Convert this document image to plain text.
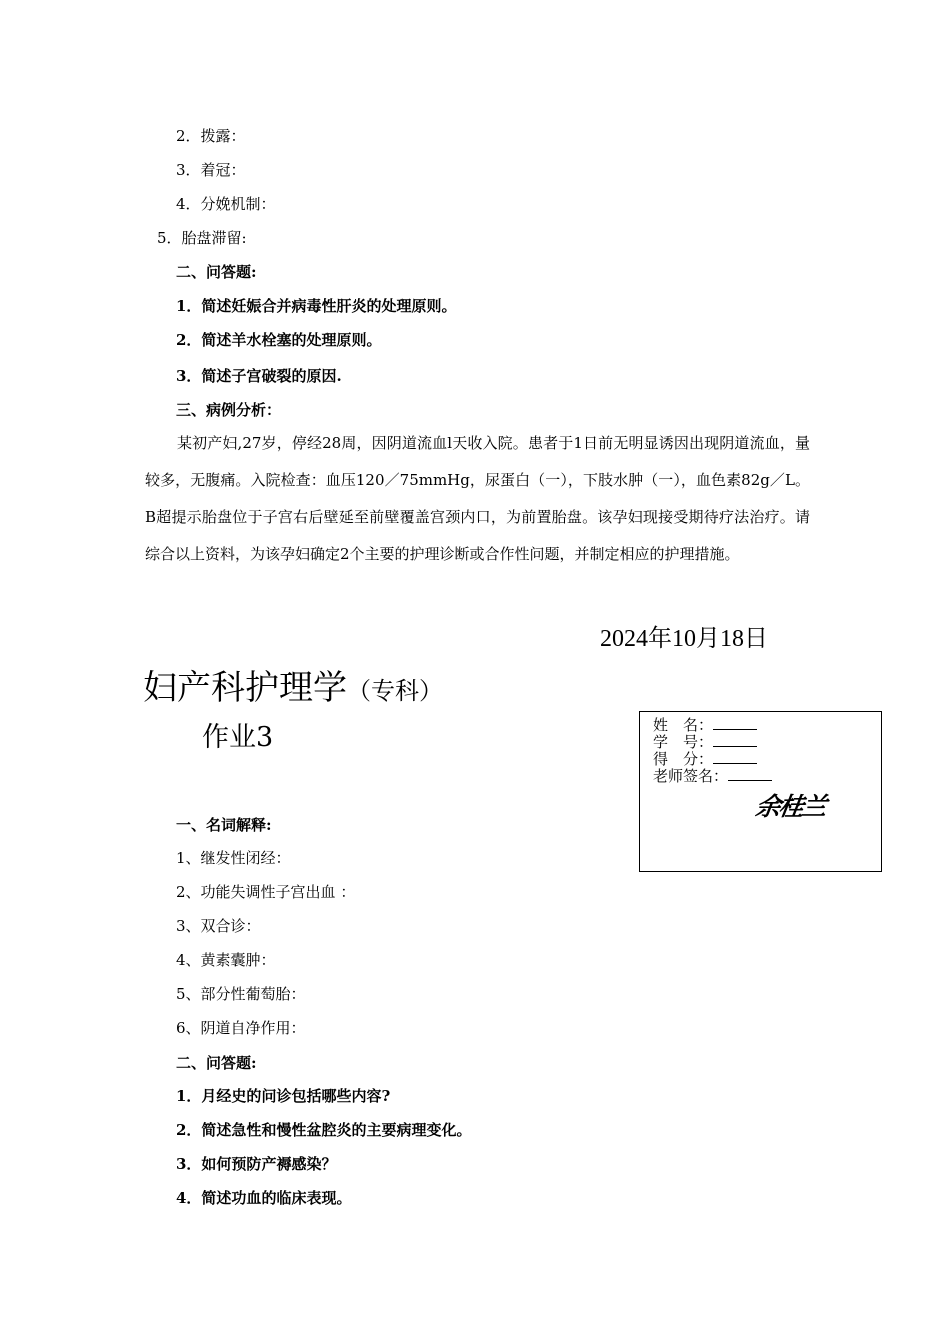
2．拨露：
3．着冠：
4．分娩机制：
5．胎盘滞留:
二、问答题:
1．简述妊娠合并病毒性肝炎的处理原则。
2．简述羊水栓塞的处理原则。
3．简述子宫破裂的原因.
三、病例分析：
某初产妇,27岁，停经28周，因阴道流血l天收入院。患者于1日前无明显诱因出现阴道流血，量较多，无腹痛。入院检查：血压120／75mmHg，尿蛋白（一），下肢水肿（一），血色素82g／L。B超提示胎盘位于子宫右后壁延至前壁覆盖宫颈内口，为前置胎盘。该孕妇现接受期待疗法治疗。请综合以上资料，为该孕妇确定2个主要的护理诊断或合作性问题，并制定相应的护理措施。
2024年10月18日
妇产科护理学（专科）
作业3	姓　名：
学　号：
得　分：
老师签名：
余桂兰
一、名词解释:
1、继发性闭经：
2、功能失调性子宫出血 ：
3、双合诊：
4、黄素囊肿：
5、部分性葡萄胎：
6、阴道自净作用：
二、问答题:
1．月经史的问诊包括哪些内容?
2．简述急性和慢性盆腔炎的主要病理变化。
3．如何预防产褥感染？
4．简述功血的临床表现。
